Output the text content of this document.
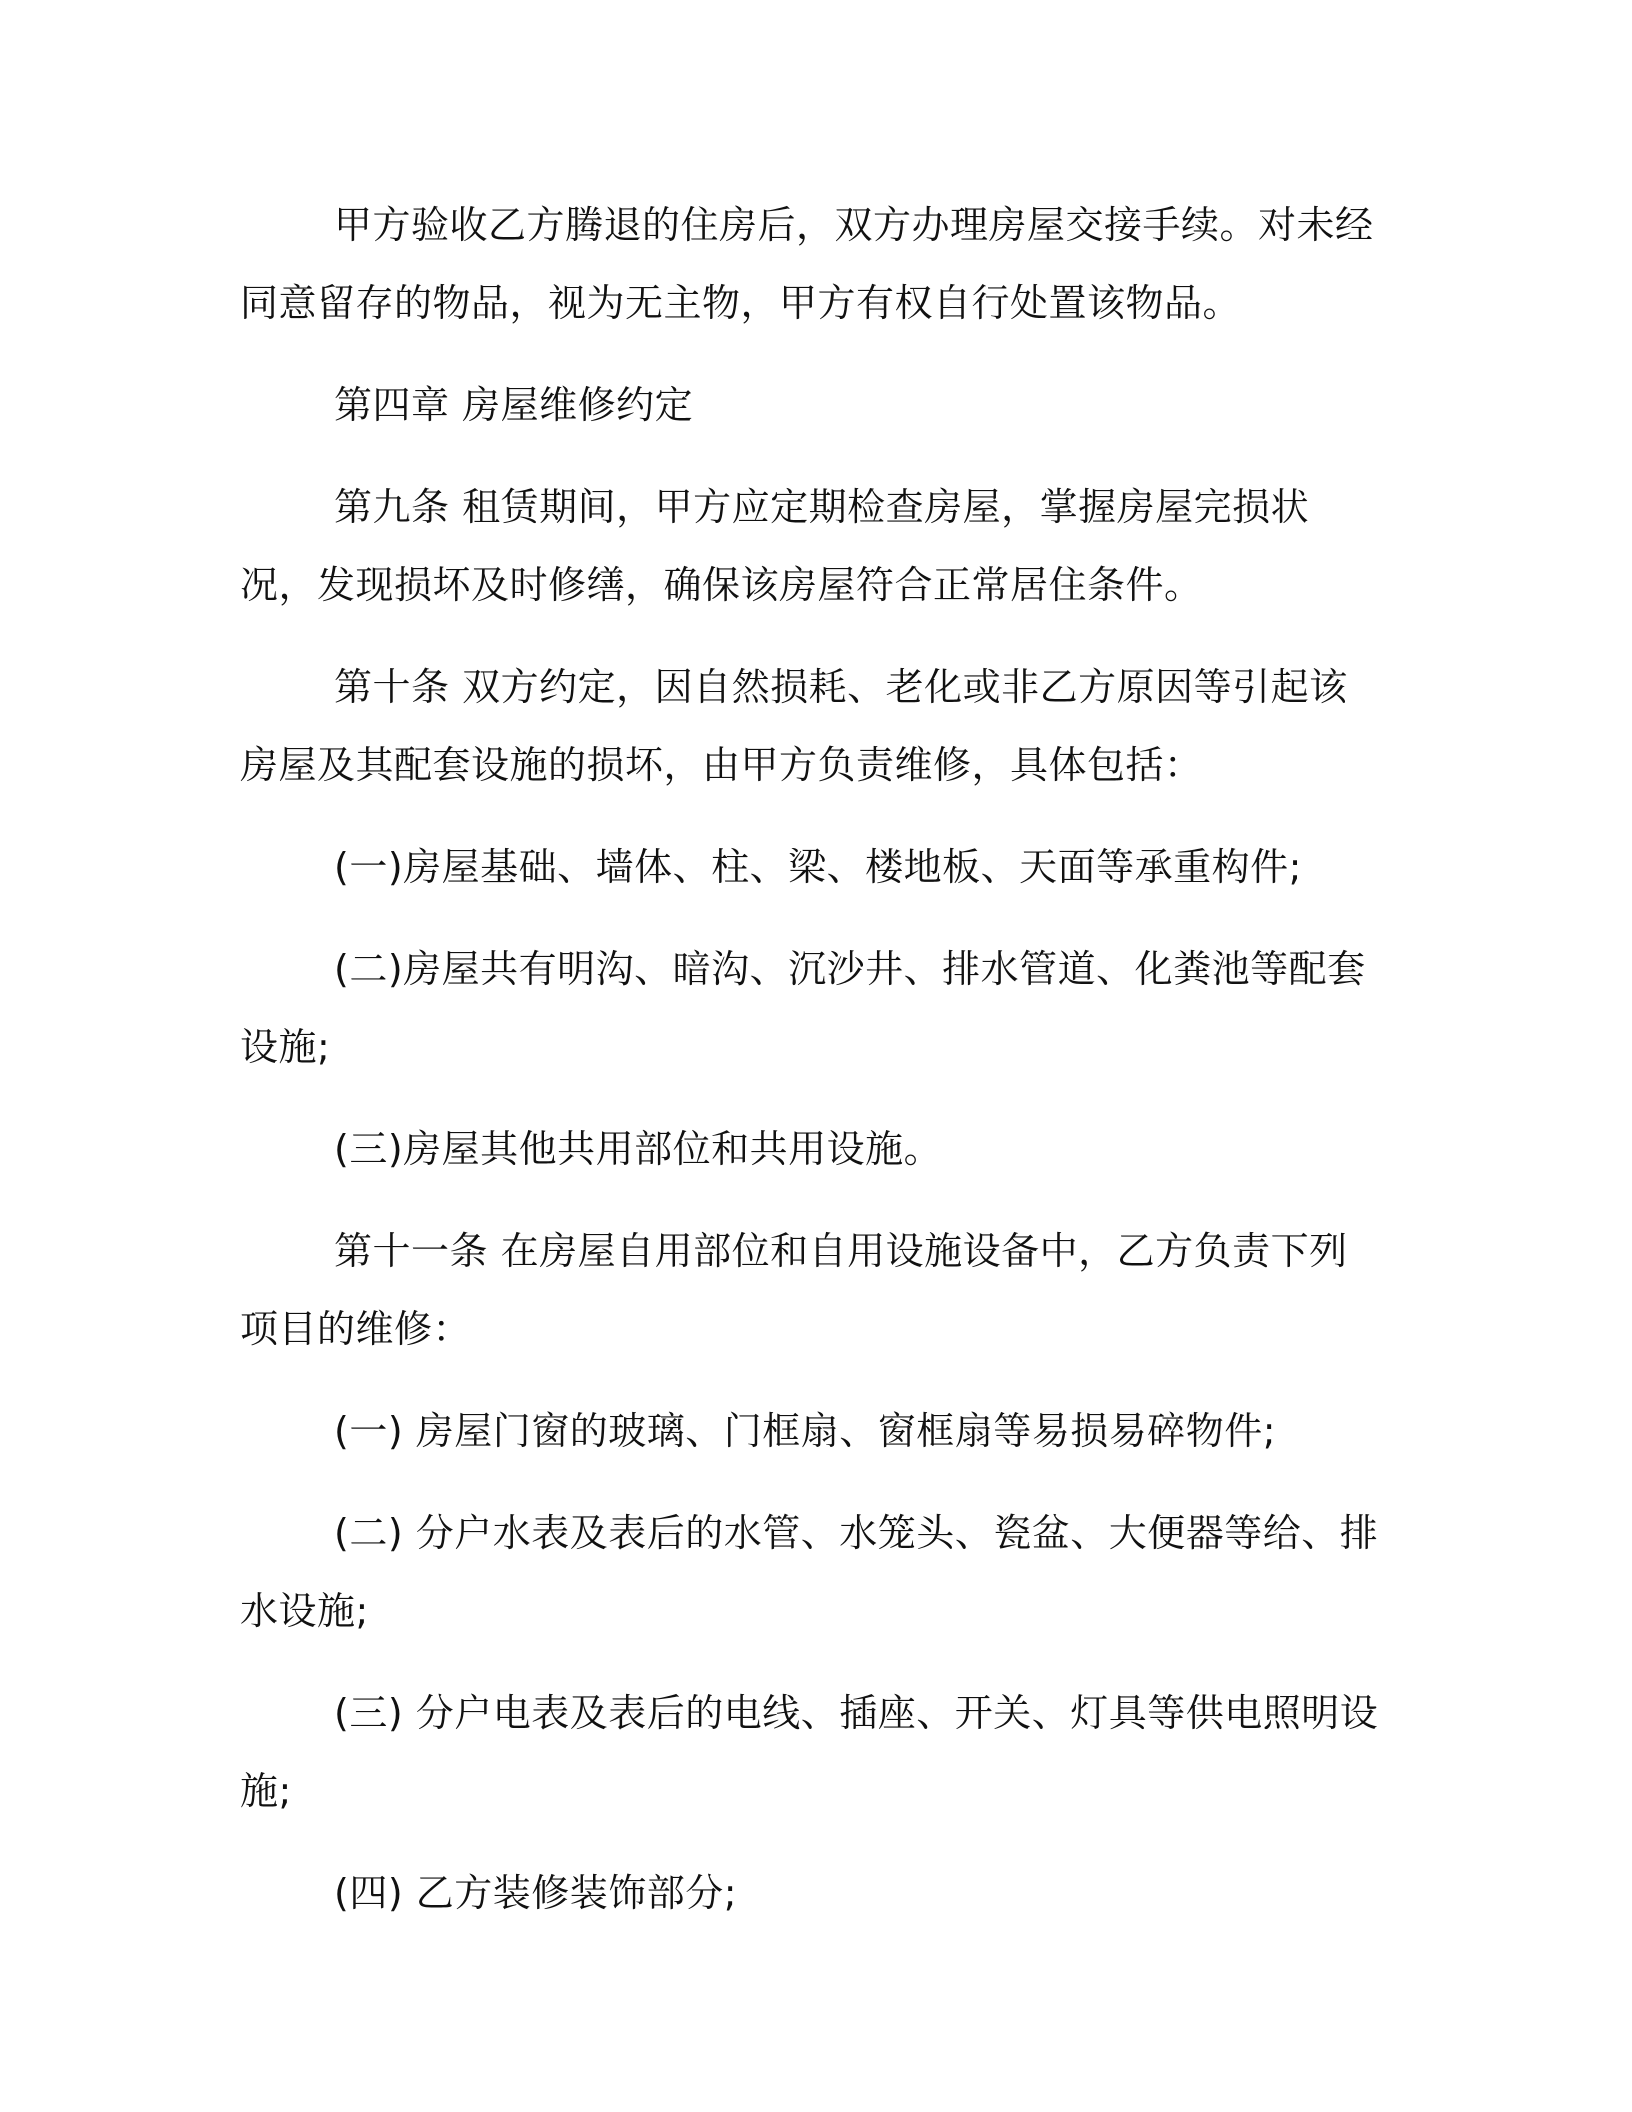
甲方验收乙方腾退的住房后，双方办理房屋交接手续。对未经同意留存的物品，视为无主物，甲方有权自行处置该物品。

第四章 房屋维修约定

第九条 租赁期间，甲方应定期检查房屋，掌握房屋完损状况，发现损坏及时修缮，确保该房屋符合正常居住条件。

第十条 双方约定，因自然损耗、老化或非乙方原因等引起该房屋及其配套设施的损坏，由甲方负责维修，具体包括：

(一)房屋基础、墙体、柱、梁、楼地板、天面等承重构件;

(二)房屋共有明沟、暗沟、沉沙井、排水管道、化粪池等配套设施;

(三)房屋其他共用部位和共用设施。

第十一条 在房屋自用部位和自用设施设备中，乙方负责下列项目的维修：

(一) 房屋门窗的玻璃、门框扇、窗框扇等易损易碎物件;

(二) 分户水表及表后的水管、水笼头、瓷盆、大便器等给、排水设施;

(三) 分户电表及表后的电线、插座、开关、灯具等供电照明设施;

(四) 乙方装修装饰部分;
